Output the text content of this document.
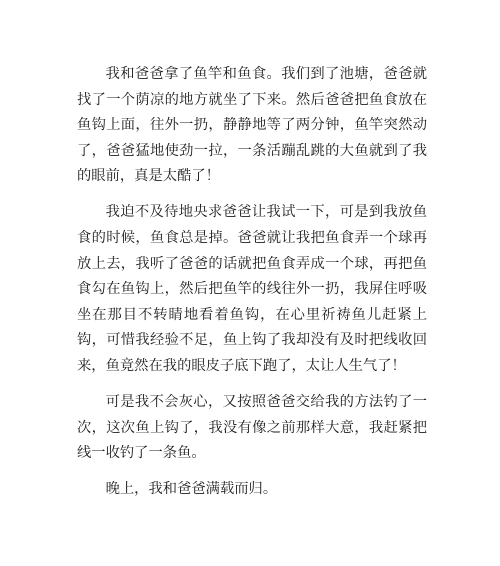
我和爸爸拿了鱼竿和鱼食。我们到了池塘，爸爸就找了一个荫凉的地方就坐了下来。然后爸爸把鱼食放在鱼钩上面，往外一扔，静静地等了两分钟，鱼竿突然动了，爸爸猛地使劲一拉，一条活蹦乱跳的大鱼就到了我的眼前，真是太酷了！

我迫不及待地央求爸爸让我试一下，可是到我放鱼食的时候，鱼食总是掉。爸爸就让我把鱼食弄一个球再放上去，我听了爸爸的话就把鱼食弄成一个球，再把鱼食勾在鱼钩上，然后把鱼竿的线往外一扔，我屏住呼吸坐在那目不转睛地看着鱼钩，在心里祈祷鱼儿赶紧上钩，可惜我经验不足，鱼上钩了我却没有及时把线收回来，鱼竟然在我的眼皮子底下跑了，太让人生气了！

可是我不会灰心，又按照爸爸交给我的方法钓了一次，这次鱼上钩了，我没有像之前那样大意，我赶紧把线一收钓了一条鱼。

晚上，我和爸爸满载而归。
